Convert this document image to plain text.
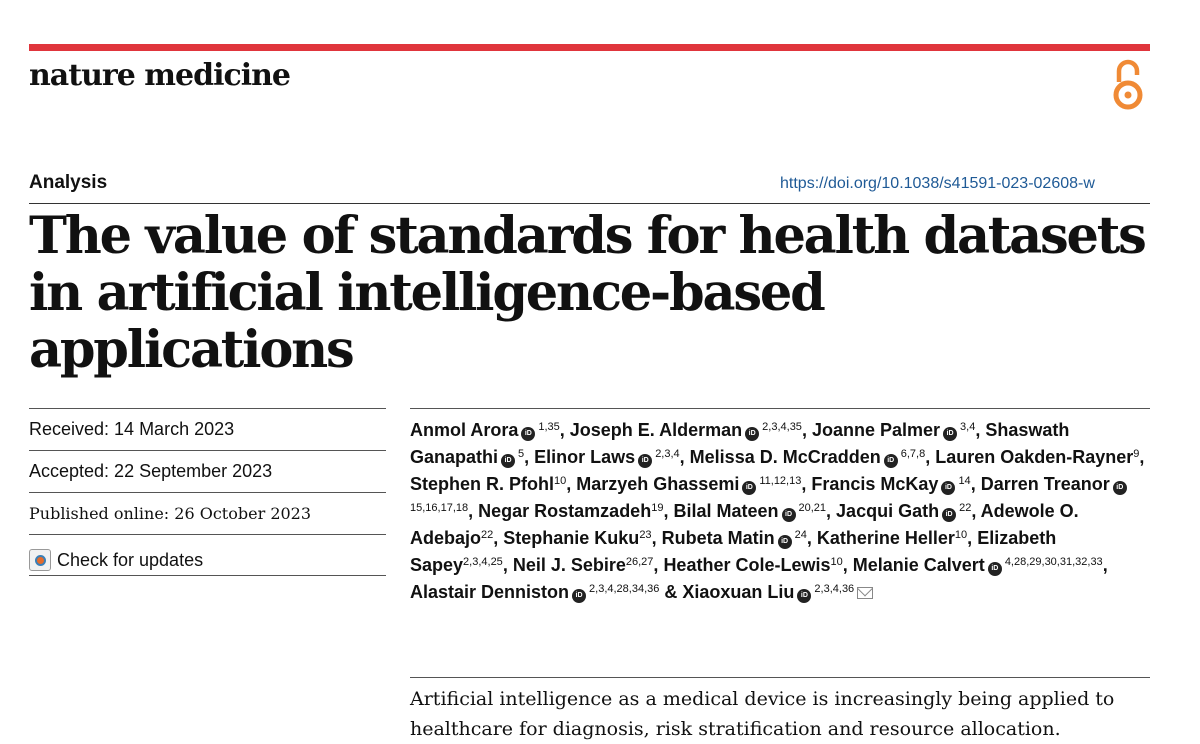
nature medicine
Analysis	https://doi.org/10.1038/s41591-023-02608-w
The value of standards for health datasets in artificial intelligence-based applications
Received: 14 March 2023
Accepted: 22 September 2023
Published online: 26 October 2023
Check for updates
Anmol Arora iD$^{1,35}$, Joseph E. Alderman iD$^{2,3,4,35}$, Joanne Palmer iD$^{3,4}$, Shaswath Ganapathi $iD^5$, Elinor Laws iD$^{2,3,4}$, Melissa D. McCradden iD$^{6,7,8}$, Lauren Oakden-Rayner$^9$, Stephen R. Pfohl$^{10}$, Marzyeh Ghassemi iD$^{11,12,13}$, Francis McKay $iD^{14}$, Darren Treanor iD$^{15,16,17,18}$, Negar Rostamzadeh$^{19}$, Bilal Mateen iD$^{20,21}$, Jacqui Gath $iD^{22}$, Adewole O. Adebajo$^{22}$, Stephanie Kuku$^{23}$, Rubeta Matin $iD^{24}$, Katherine Heller$^{10}$, Elizabeth Sapey$^{2,3,4,25}$, Neil J. Sebire$^{26,27}$, Heather Cole-Lewis$^{10}$, Melanie Calvert iD$^{4,28,29,30,31,32,33}$, Alastair Denniston iD$^{2,3,4,28,34,36}$ & Xiaoxuan Liu iD$^{2,3,4,36}$

Artificial intelligence as a medical device is increasingly being applied to healthcare for diagnosis, risk stratification and resource allocation.
